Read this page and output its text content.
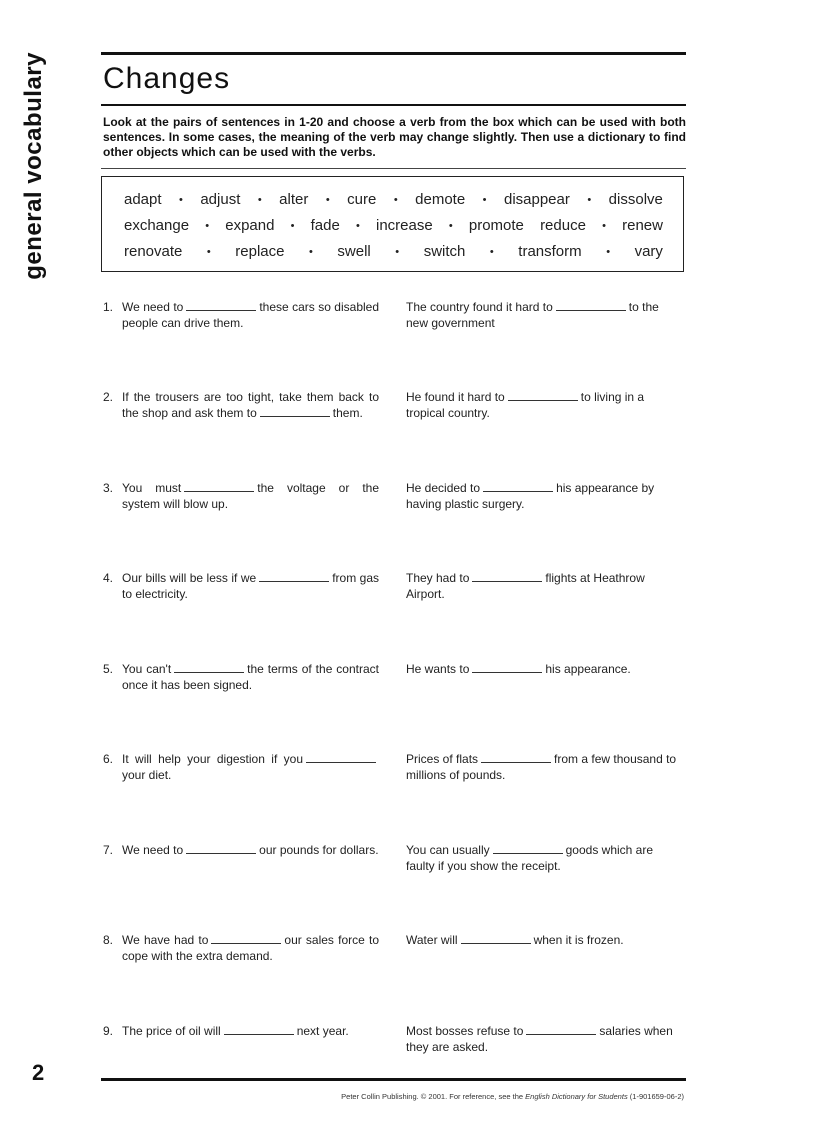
general vocabulary Changes
Look at the pairs of sentences in 1-20 and choose a verb from the box which can be used with both sentences. In some cases, the meaning of the verb may change slightly. Then use a dictionary to find other objects which can be used with the verbs.
adapt • adjust • alter • cure • demote • disappear • dissolve
exchange • expand • fade • increase • promote reduce • renew
renovate • replace • swell • switch • transform • vary
1. We need to	these cars so disabled people can drive them.
The country found it hard to	to the new government
2. If the trousers are too tight, take them back to the shop and ask them to	them.
He found it hard to	to living in a tropical country.
3. You must	the voltage or the system will blow up.
He decided to	his appearance by having plastic surgery.
4. Our bills will be less if we	from gas to electricity.
They had to	flights at Heathrow Airport.
5. You can't	the terms of the contract once it has been signed.
He wants to	his appearance.
6. It will help your digestion if youyour diet.
Prices of flats	from a few thousand to millions of pounds.
7. We need to	our pounds for dollars. You can usually	goods which are faulty if you show the receipt.
8. We have had to	our sales force to cope with the extra demand.
Water will	when it is frozen.
9. The price of oil will	next year.	Most bosses refuse to	salaries when they are asked.
2
Peter Collin Publishing. © 2001. For reference, see the English Dictionary for Students (1-901659-06-2)
